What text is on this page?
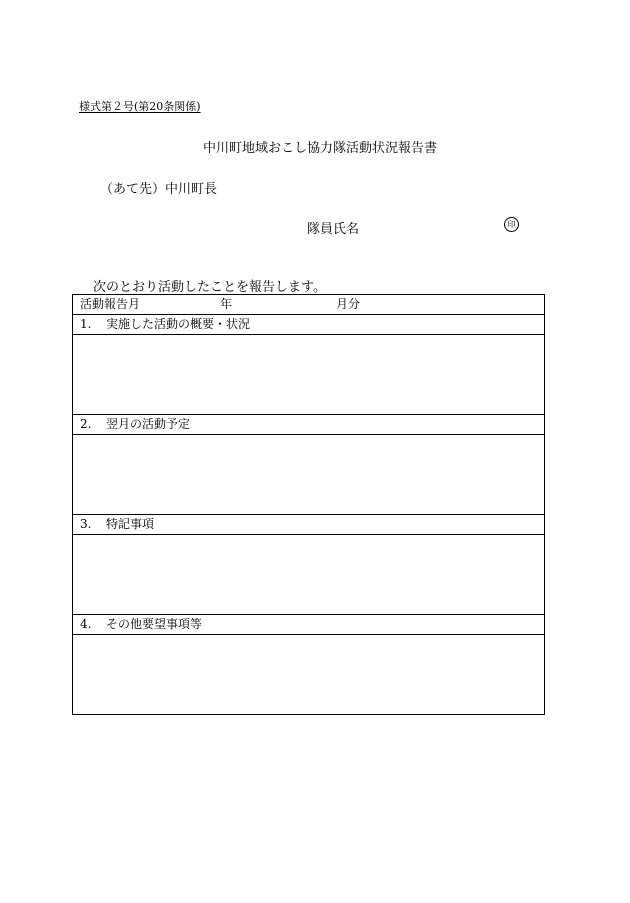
様式第２号(第20条関係)
中川町地域おこし協力隊活動状況報告書
（あて先）中川町長
隊員氏名	印
次のとおり活動したことを報告します。
活動報告月	年	月分
1. 実施した活動の概要・状況

2. 翌月の活動予定

3. 特記事項

4. その他要望事項等
